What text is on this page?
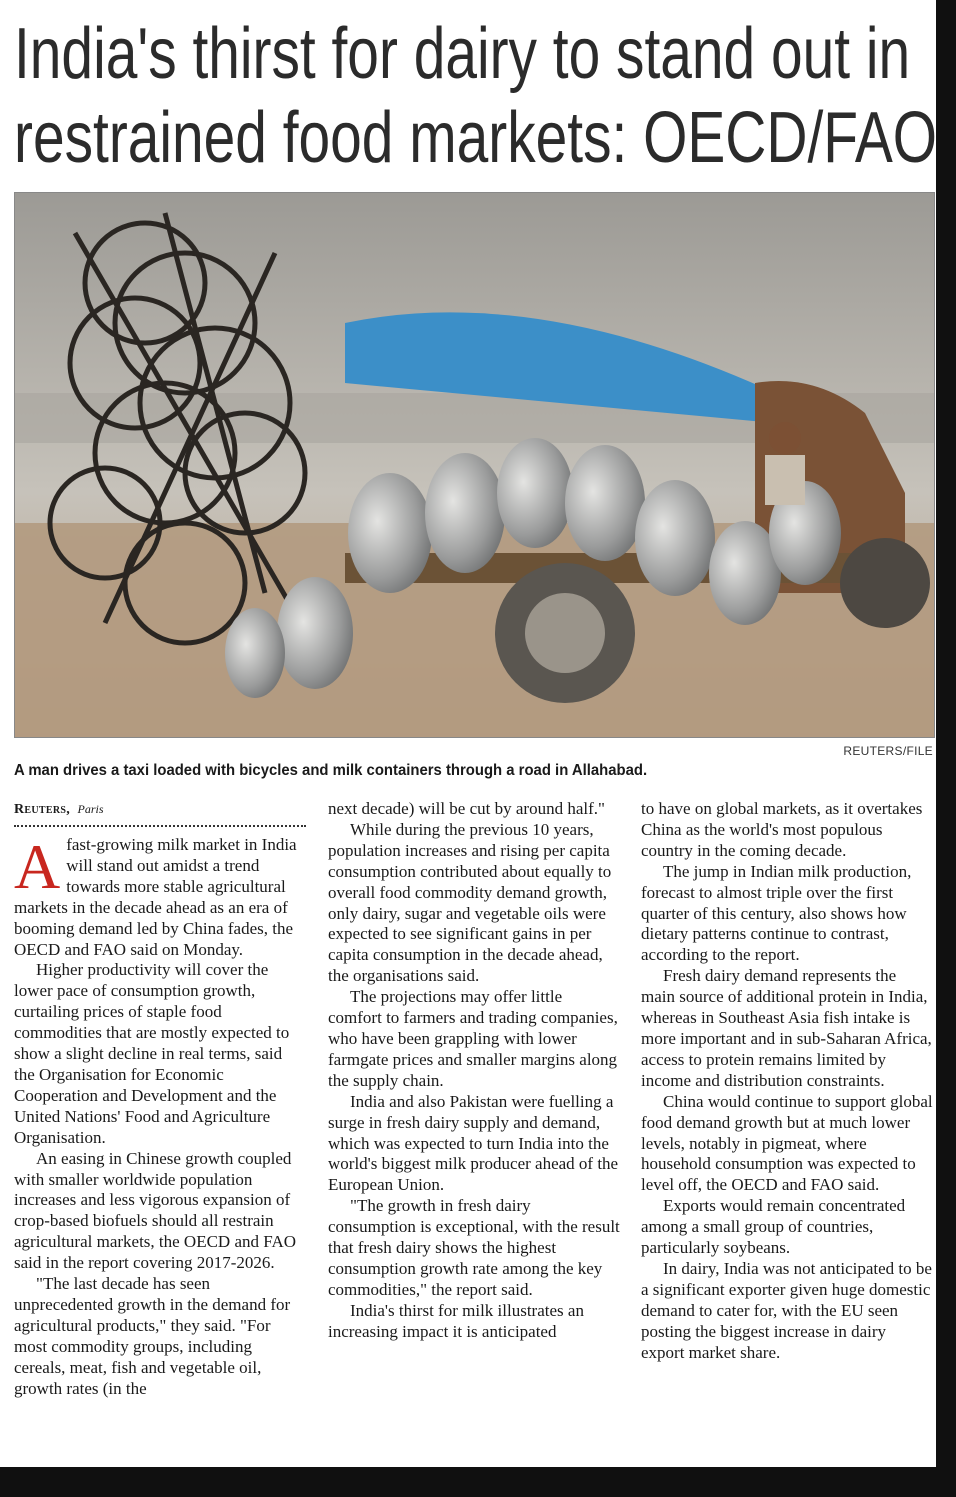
India's thirst for dairy to stand out in
restrained food markets: OECD/FAO
REUTERS/FILE
A man drives a taxi loaded with bicycles and milk containers through a road in Allahabad.
Reuters, Paris

A fast-growing milk market in India will stand out amidst a trend towards more stable agricultural markets in the decade ahead as an era of booming demand led by China fades, the OECD and FAO said on Monday.

Higher productivity will cover the lower pace of consumption growth, curtailing prices of staple food commodities that are mostly expected to show a slight decline in real terms, said the Organisation for Economic Cooperation and Development and the United Nations' Food and Agriculture Organisation.

An easing in Chinese growth coupled with smaller worldwide population increases and less vigorous expansion of crop-based biofuels should all restrain agricultural markets, the OECD and FAO said in the report covering 2017-2026.

"The last decade has seen unprecedented growth in the demand for agricultural products," they said. "For most commodity groups, including cereals, meat, fish and vegetable oil, growth rates (in the

next decade) will be cut by around half."

While during the previous 10 years, population increases and rising per capita consumption contributed about equally to overall food commodity demand growth, only dairy, sugar and vegetable oils were expected to see significant gains in per capita consumption in the decade ahead, the organisations said.

The projections may offer little comfort to farmers and trading companies, who have been grappling with lower farmgate prices and smaller margins along the supply chain.

India and also Pakistan were fuelling a surge in fresh dairy supply and demand, which was expected to turn India into the world's biggest milk producer ahead of the European Union.

"The growth in fresh dairy consumption is exceptional, with the result that fresh dairy shows the highest consumption growth rate among the key commodities," the report said.

India's thirst for milk illustrates an increasing impact it is anticipated

to have on global markets, as it overtakes China as the world's most populous country in the coming decade.

The jump in Indian milk production, forecast to almost triple over the first quarter of this century, also shows how dietary patterns continue to contrast, according to the report.

Fresh dairy demand represents the main source of additional protein in India, whereas in Southeast Asia fish intake is more important and in sub-Saharan Africa, access to protein remains limited by income and distribution constraints.

China would continue to support global food demand growth but at much lower levels, notably in pigmeat, where household consumption was expected to level off, the OECD and FAO said.

Exports would remain concentrated among a small group of countries, particularly soybeans.

In dairy, India was not anticipated to be a significant exporter given huge domestic demand to cater for, with the EU seen posting the biggest increase in dairy export market share.
